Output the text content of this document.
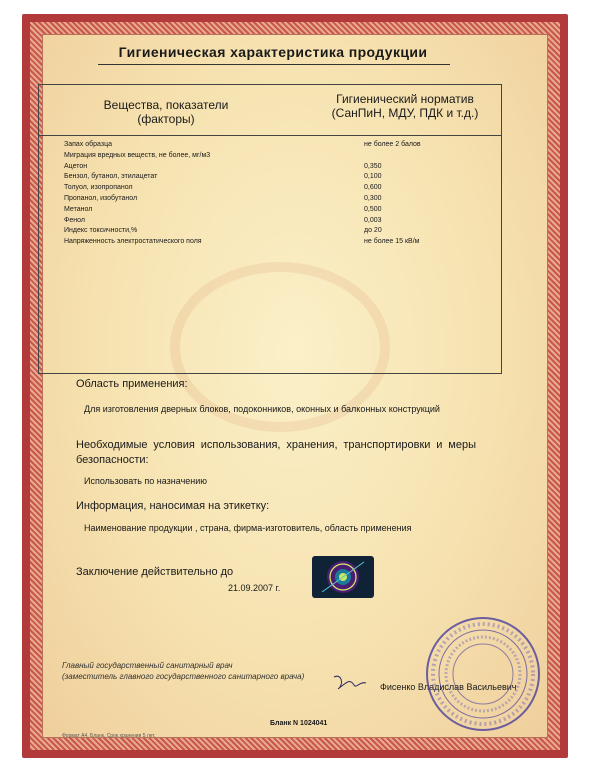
Гигиеническая характеристика продукции
Вещества, показатели (факторы)
Гигиенический норматив (СанПиН, МДУ, ПДК и т.д.)
Запах образца	не более 2 балов
Миграция вредных веществ, не более, мг/м3
Ацетон	0,350
Бензол, бутанол, этилацетат	0,100
Толуол, изопропанол	0,600
Пропанол, изобутанол	0,300
Метанол	0,500
Фенол	0,003
Индекс токсичности,%	до 20
Напряженность электростатического поля	не более 15 кВ/м
Область применения:
Для изготовления дверных блоков, подоконников, оконных и балконных конструкций
Необходимые условия использования, хранения, транспортировки и меры безопасности:
Использовать по назначению
Информация, наносимая на этикетку:
Наименование продукции , страна, фирма-изготовитель, область применения
Заключение действительно до
21.09.2007 г.
Главный государственный санитарный врач
(заместитель главного государственного санитарного врача)
Фисенко Владислав Васильевич
Бланк N 1024041
Формат А4. Бланк. Срок хранения 5 лет.
